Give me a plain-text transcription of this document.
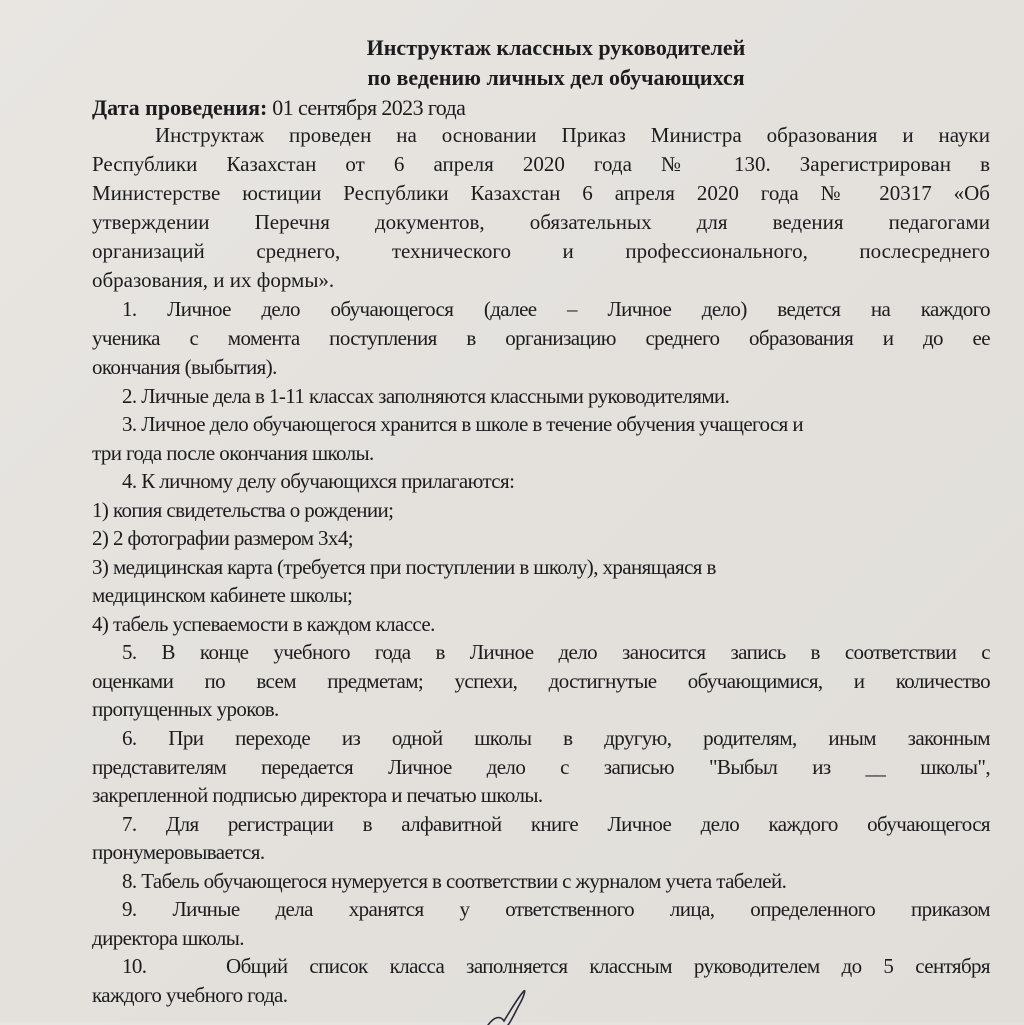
Инструктаж классных руководителей
по ведению личных дел обучающихся
Дата проведения: 01 сентября 2023 года
Инструктаж проведен на основании Приказ Министра образования и науки
Республики Казахстан от 6 апреля 2020 года № 130. Зарегистрирован в
Министерстве юстиции Республики Казахстан 6 апреля 2020 года № 20317 «Об
утверждении Перечня документов, обязательных для ведения педагогами
организаций среднего, технического и профессионального, послесреднего
образования, и их формы».
1. Личное дело обучающегося (далее – Личное дело) ведется на каждого
ученика с момента поступления в организацию среднего образования и до ее
окончания (выбытия).
2. Личные дела в 1-11 классах заполняются классными руководителями.
3. Личное дело обучающегося хранится в школе в течение обучения учащегося и
три года после окончания школы.
4. К личному делу обучающихся прилагаются:
1) копия свидетельства о рождении;
2) 2 фотографии размером 3х4;
3) медицинская карта (требуется при поступлении в школу), хранящаяся в
медицинском кабинете школы;
4) табель успеваемости в каждом классе.
5. В конце учебного года в Личное дело заносится запись в соответствии с
оценками по всем предметам; успехи, достигнутые обучающимися, и количество
пропущенных уроков.
6. При переходе из одной школы в другую, родителям, иным законным
представителям передается Личное дело с записью "Выбыл из __ школы",
закрепленной подписью директора и печатью школы.
7. Для регистрации в алфавитной книге Личное дело каждого обучающегося
пронумеровывается.
8. Табель обучающегося нумеруется в соответствии с журналом учета табелей.
9. Личные дела хранятся у ответственного лица, определенного приказом
директора школы.
10.	Общий список класса заполняется классным руководителем до 5 сентября
каждого учебного года.
